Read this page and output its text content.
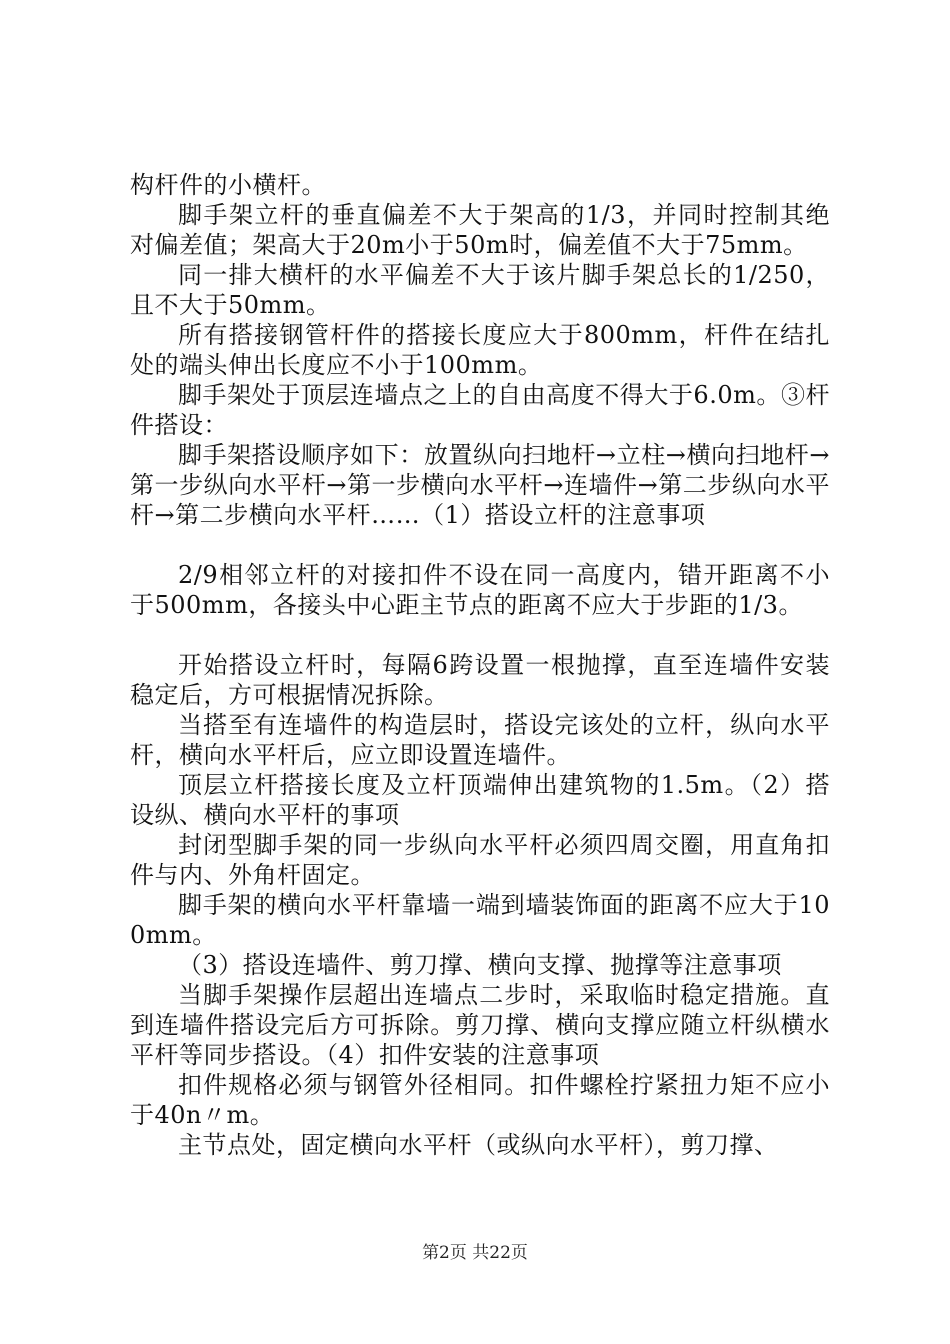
构杆件的小横杆。

脚手架立杆的垂直偏差不大于架高的1/3，并同时控制其绝对偏差值；架高大于20m小于50m时，偏差值不大于75mm。

同一排大横杆的水平偏差不大于该片脚手架总长的1/250，且不大于50mm。

所有搭接钢管杆件的搭接长度应大于800mm，杆件在结扎处的端头伸出长度应不小于100mm。

脚手架处于顶层连墙点之上的自由高度不得大于6.0m。③杆件搭设：

脚手架搭设顺序如下：放置纵向扫地杆→立柱→横向扫地杆→第一步纵向水平杆→第一步横向水平杆→连墙件→第二步纵向水平杆→第二步横向水平杆……（1）搭设立杆的注意事项

2/9相邻立杆的对接扣件不设在同一高度内，错开距离不小于500mm，各接头中心距主节点的距离不应大于步距的1/3。

开始搭设立杆时，每隔6跨设置一根抛撑，直至连墙件安装稳定后，方可根据情况拆除。

当搭至有连墙件的构造层时，搭设完该处的立杆，纵向水平杆，横向水平杆后，应立即设置连墙件。

顶层立杆搭接长度及立杆顶端伸出建筑物的1.5m。（2）搭设纵、横向水平杆的事项

封闭型脚手架的同一步纵向水平杆必须四周交圈，用直角扣件与内、外角杆固定。

脚手架的横向水平杆靠墙一端到墙装饰面的距离不应大于100mm。

（3）搭设连墙件、剪刀撑、横向支撑、抛撑等注意事项

当脚手架操作层超出连墙点二步时，采取临时稳定措施。直到连墙件搭设完后方可拆除。剪刀撑、横向支撑应随立杆纵横水平杆等同步搭设。（4）扣件安装的注意事项

扣件规格必须与钢管外径相同。扣件螺栓拧紧扭力矩不应小于40n〃m。

主节点处，固定横向水平杆（或纵向水平杆），剪刀撑、

第2页 共22页
